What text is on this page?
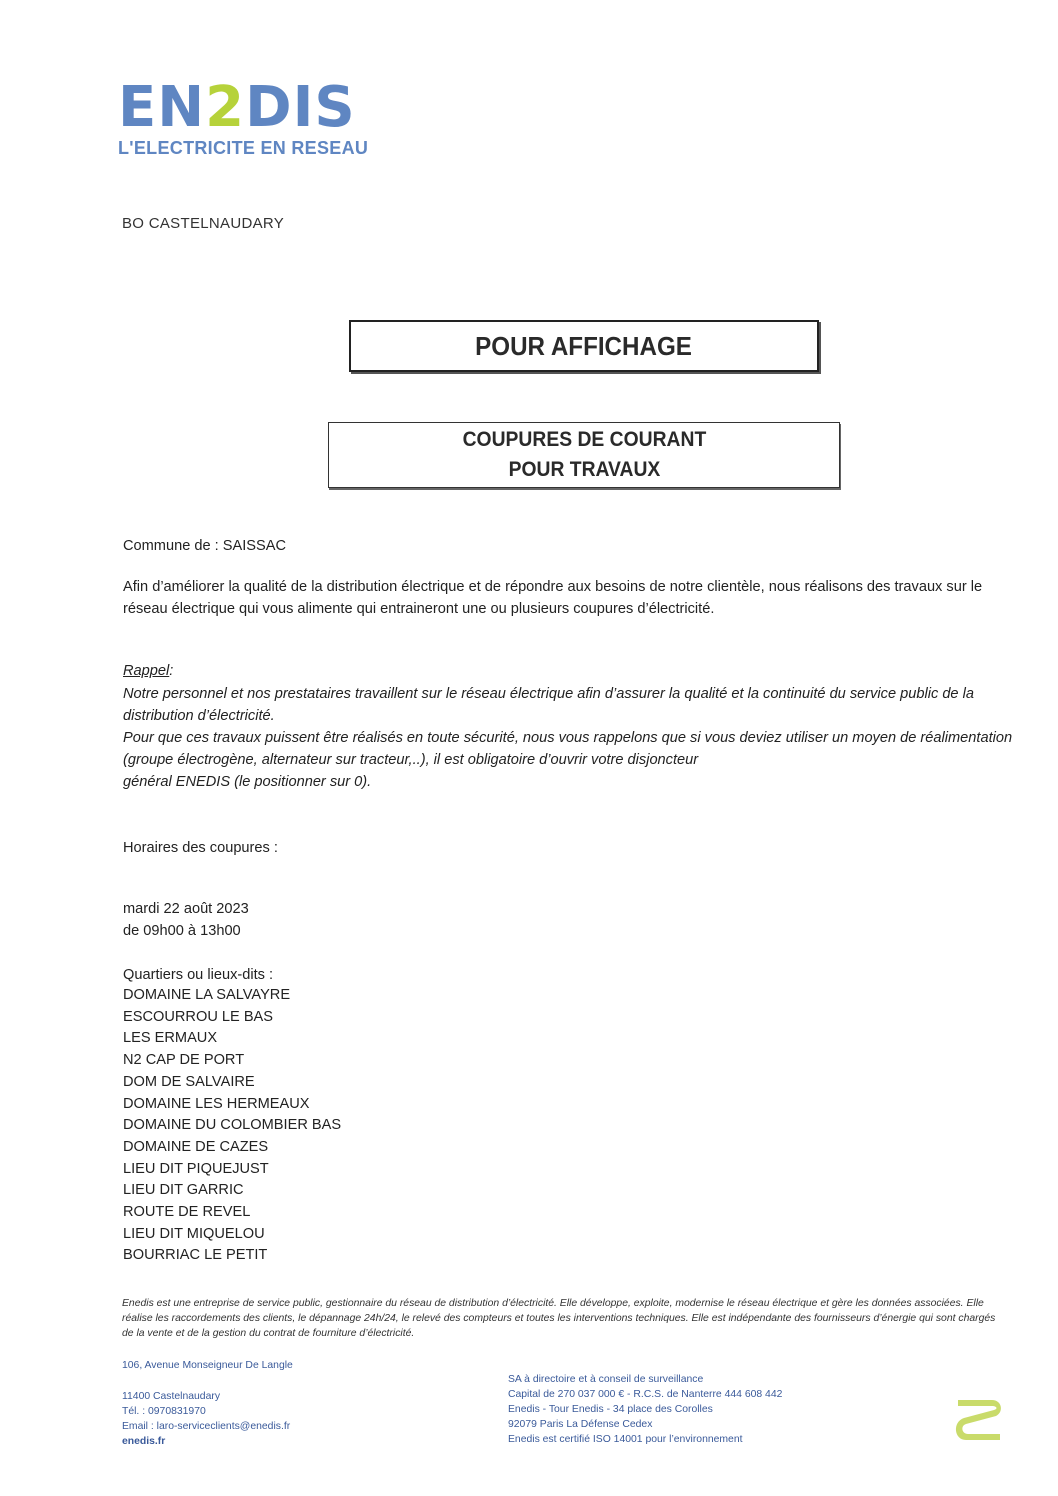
EN2DIS
L'ELECTRICITE EN RESEAU
BO CASTELNAUDARY
POUR AFFICHAGE
COUPURES DE COURANT
POUR TRAVAUX
Commune de : SAISSAC
Afin d’améliorer la qualité de la distribution électrique et de répondre aux besoins de notre clientèle, nous réalisons des travaux sur le réseau électrique qui vous alimente qui entraineront une ou plusieurs coupures d’électricité.
Rappel:

Notre personnel et nos prestataires travaillent sur le réseau électrique afin d’assurer la qualité et la continuité du service public de la distribution d’électricité.

Pour que ces travaux puissent être réalisés en toute sécurité, nous vous rappelons que si vous deviez utiliser un moyen de réalimentation (groupe électrogène, alternateur sur tracteur,..), il est obligatoire d’ouvrir votre disjoncteur

général ENEDIS (le positionner sur 0).

Horaires des coupures :
mardi 22 août 2023
de 09h00 à 13h00
Quartiers ou lieux-dits :
DOMAINE LA SALVAYRE
ESCOURROU LE BAS
LES ERMAUX
N2 CAP DE PORT
DOM DE SALVAIRE
DOMAINE LES HERMEAUX
DOMAINE DU COLOMBIER BAS
DOMAINE DE CAZES
LIEU DIT PIQUEJUST
LIEU DIT GARRIC
ROUTE DE REVEL
LIEU DIT MIQUELOU
BOURRIAC LE PETIT
Enedis est une entreprise de service public, gestionnaire du réseau de distribution d’électricité. Elle développe, exploite, modernise le réseau électrique et gère les données associées. Elle réalise les raccordements des clients, le dépannage 24h/24, le relevé des compteurs et toutes les interventions techniques. Elle est indépendante des fournisseurs d’énergie qui sont chargés de la vente et de la gestion du contrat de fourniture d’électricité.
106, Avenue Monseigneur De Langle
11400 Castelnaudary
Tél. : 0970831970
Email : laro-serviceclients@enedis.fr
enedis.fr
SA à directoire et à conseil de surveillance
Capital de 270 037 000 € - R.C.S. de Nanterre 444 608 442
Enedis - Tour Enedis - 34 place des Corolles
92079 Paris La Défense Cedex
Enedis est certifié ISO 14001 pour l’environnement
